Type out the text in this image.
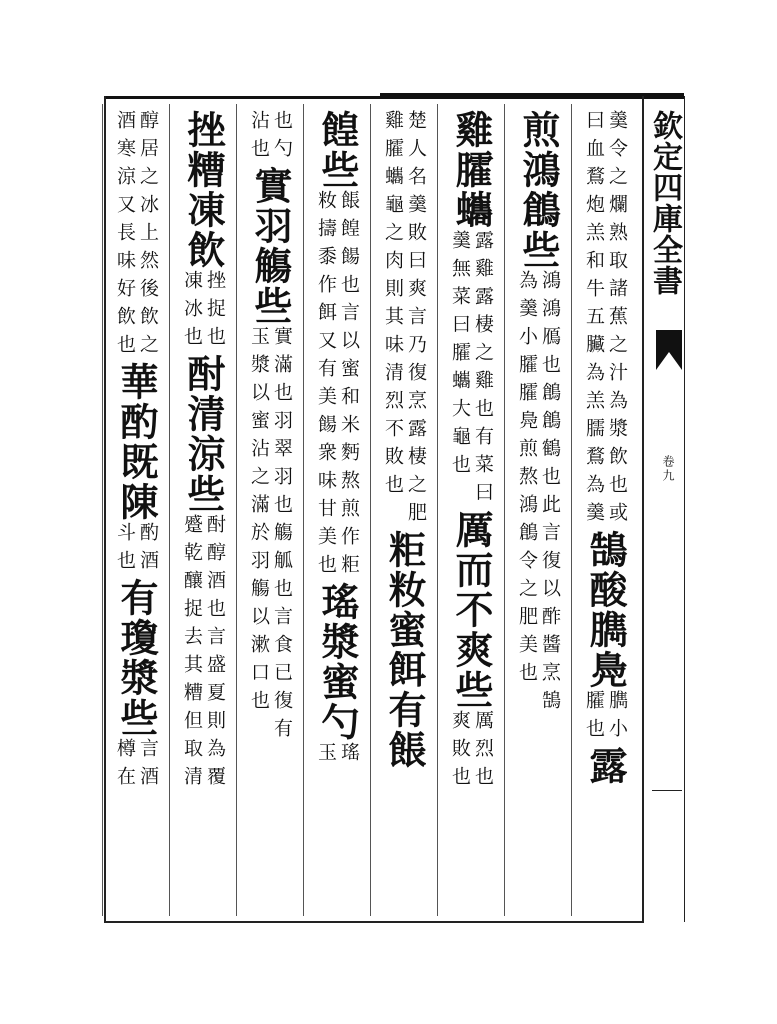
欽定四庫全書
卷九
羹令之爛熟取諸蕉之汁為漿飲也或
曰血鶩炮羔和牛五臟為羔臑鶩為羹
鵠酸臇鳧
臇小
臛也
露
煎鴻鶬些
鴻鴻鴈也鶬鶬鶴也此言復以酢醬烹鵠
為羹小臛臛鳧煎熬鴻鶬令之肥美也
雞臛蠵
露雞露棲之雞也有菜曰
羹無菜曰臛蠵大龜也
厲而不爽些
厲烈也
爽敗也
楚人名羹敗曰爽言乃復烹露棲之肥
雞臛蠵龜之肉則其味清烈不敗也
粔籹蜜餌有餦
餭些
餦餭餳也言以蜜和米麪熬煎作粔
籹擣黍作餌又有美餳衆味甘美也
瑤漿蜜勺
瑤
玉
也勺
沾也
實羽觴些
實滿也羽翠羽也觴觚也言食已復有
玉漿以蜜沾之滿於羽觴以漱口也
挫糟凍飲
挫捉也
凍冰也
酎清涼些
酎醇酒也言盛夏則為覆
蹙乾釀捉去其糟但取清
醇居之冰上然後飲之
酒寒涼又長味好飲也
華酌既陳
酌酒
斗也
有瓊漿些
言酒
樽在
